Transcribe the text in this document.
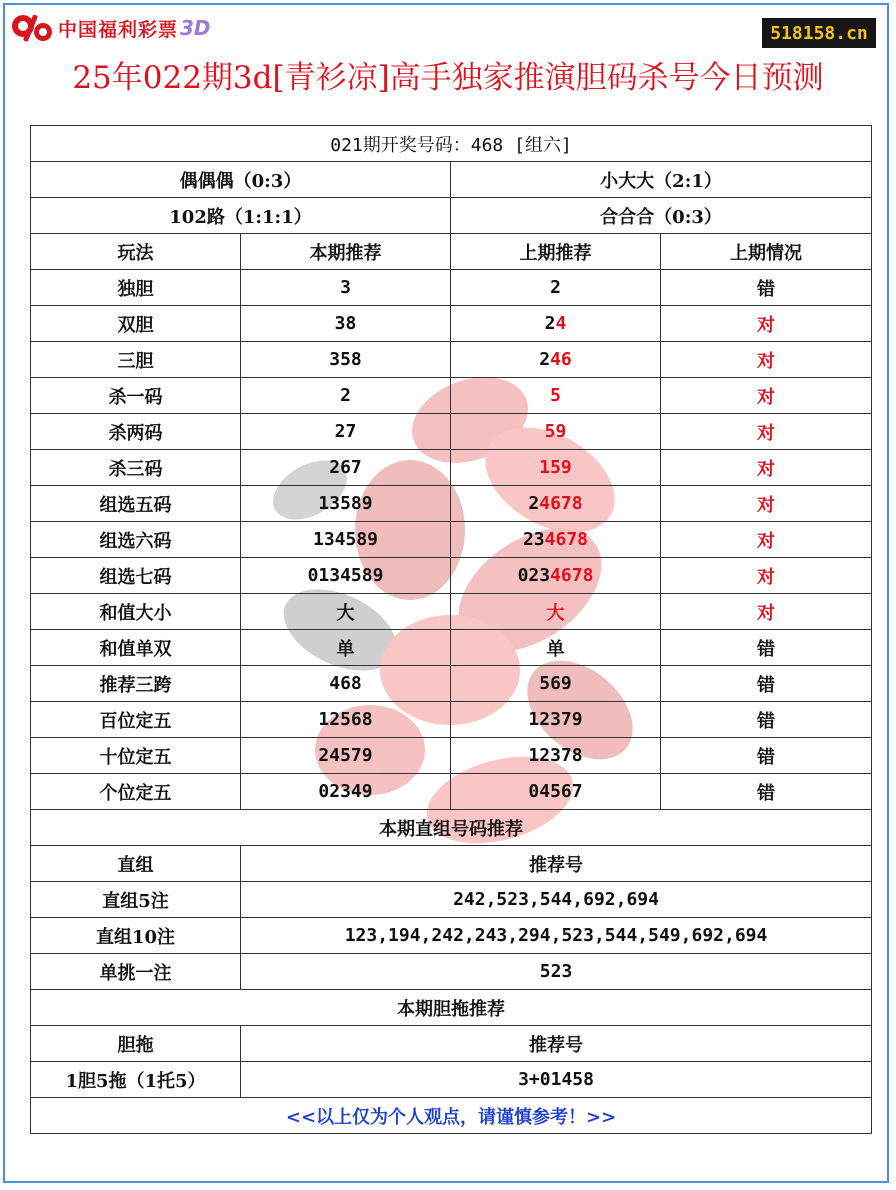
中国福利彩票 3D	518158.cn
25年022期3d[青衫凉]高手独家推演胆码杀号今日预测
021期开奖号码：468 [组六]			
偶偶偶（0:3）		小大大（2:1）	
102路（1:1:1）		合合合（0:3）	
玩法	本期推荐	上期推荐	上期情况
独胆	3	2	错
双胆	38	24	对
三胆	358	246	对
杀一码	2	5	对
杀两码	27	59	对
杀三码	267	159	对
组选五码	13589	24678	对
组选六码	134589	234678	对
组选七码	0134589	0234678	对
和值大小	大	大	对
和值单双	单	单	错
推荐三跨	468	569	错
百位定五	12568	12379	错
十位定五	24579	12378	错
个位定五	02349	04567	错
本期直组号码推荐			
直组	推荐号		
直组5注	242,523,544,692,694		
直组10注	123,194,242,243,294,523,544,549,692,694		
单挑一注	523		
本期胆拖推荐			
胆拖	推荐号		
1胆5拖（1托5）	3+01458		
<<以上仅为个人观点，请谨慎参考！>>			
